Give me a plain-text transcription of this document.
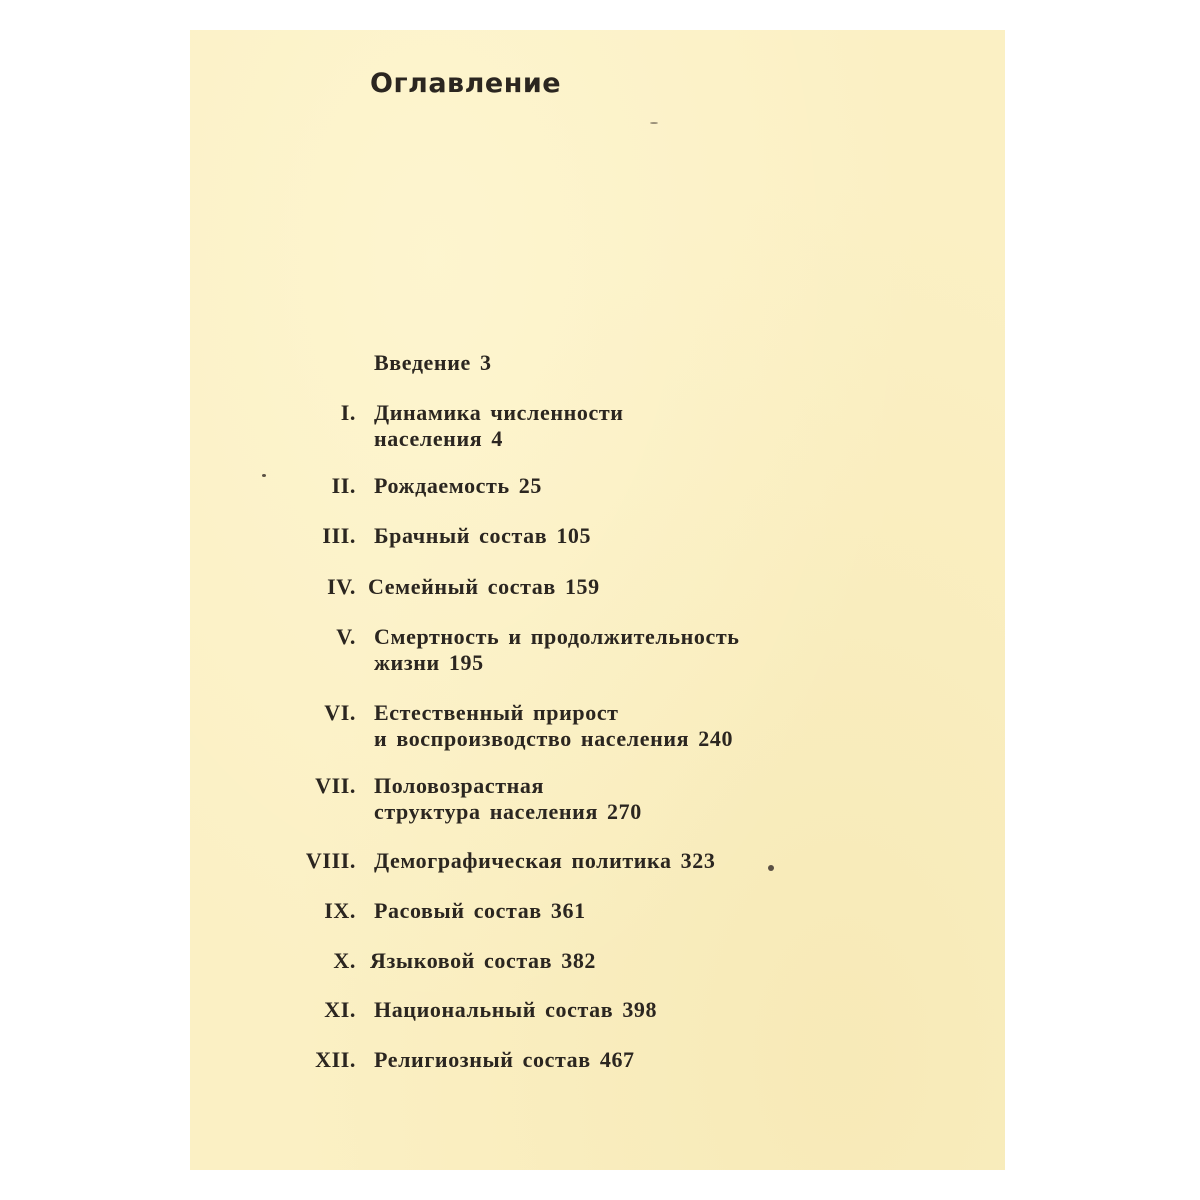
Оглавление
Введение 3
I. Динамика численности
населения 4
II. Рождаемость 25
III. Брачный состав 105
IV. Семейный состав 159
V. Смертность и продолжительность
жизни 195
VI. Естественный прирост
и воспроизводство населения 240
VII. Половозрастная
структура населения 270
VIII. Демографическая политика 323
IX. Расовый состав 361
X. Языковой состав 382
XI. Национальный состав 398
XII. Религиозный состав 467
